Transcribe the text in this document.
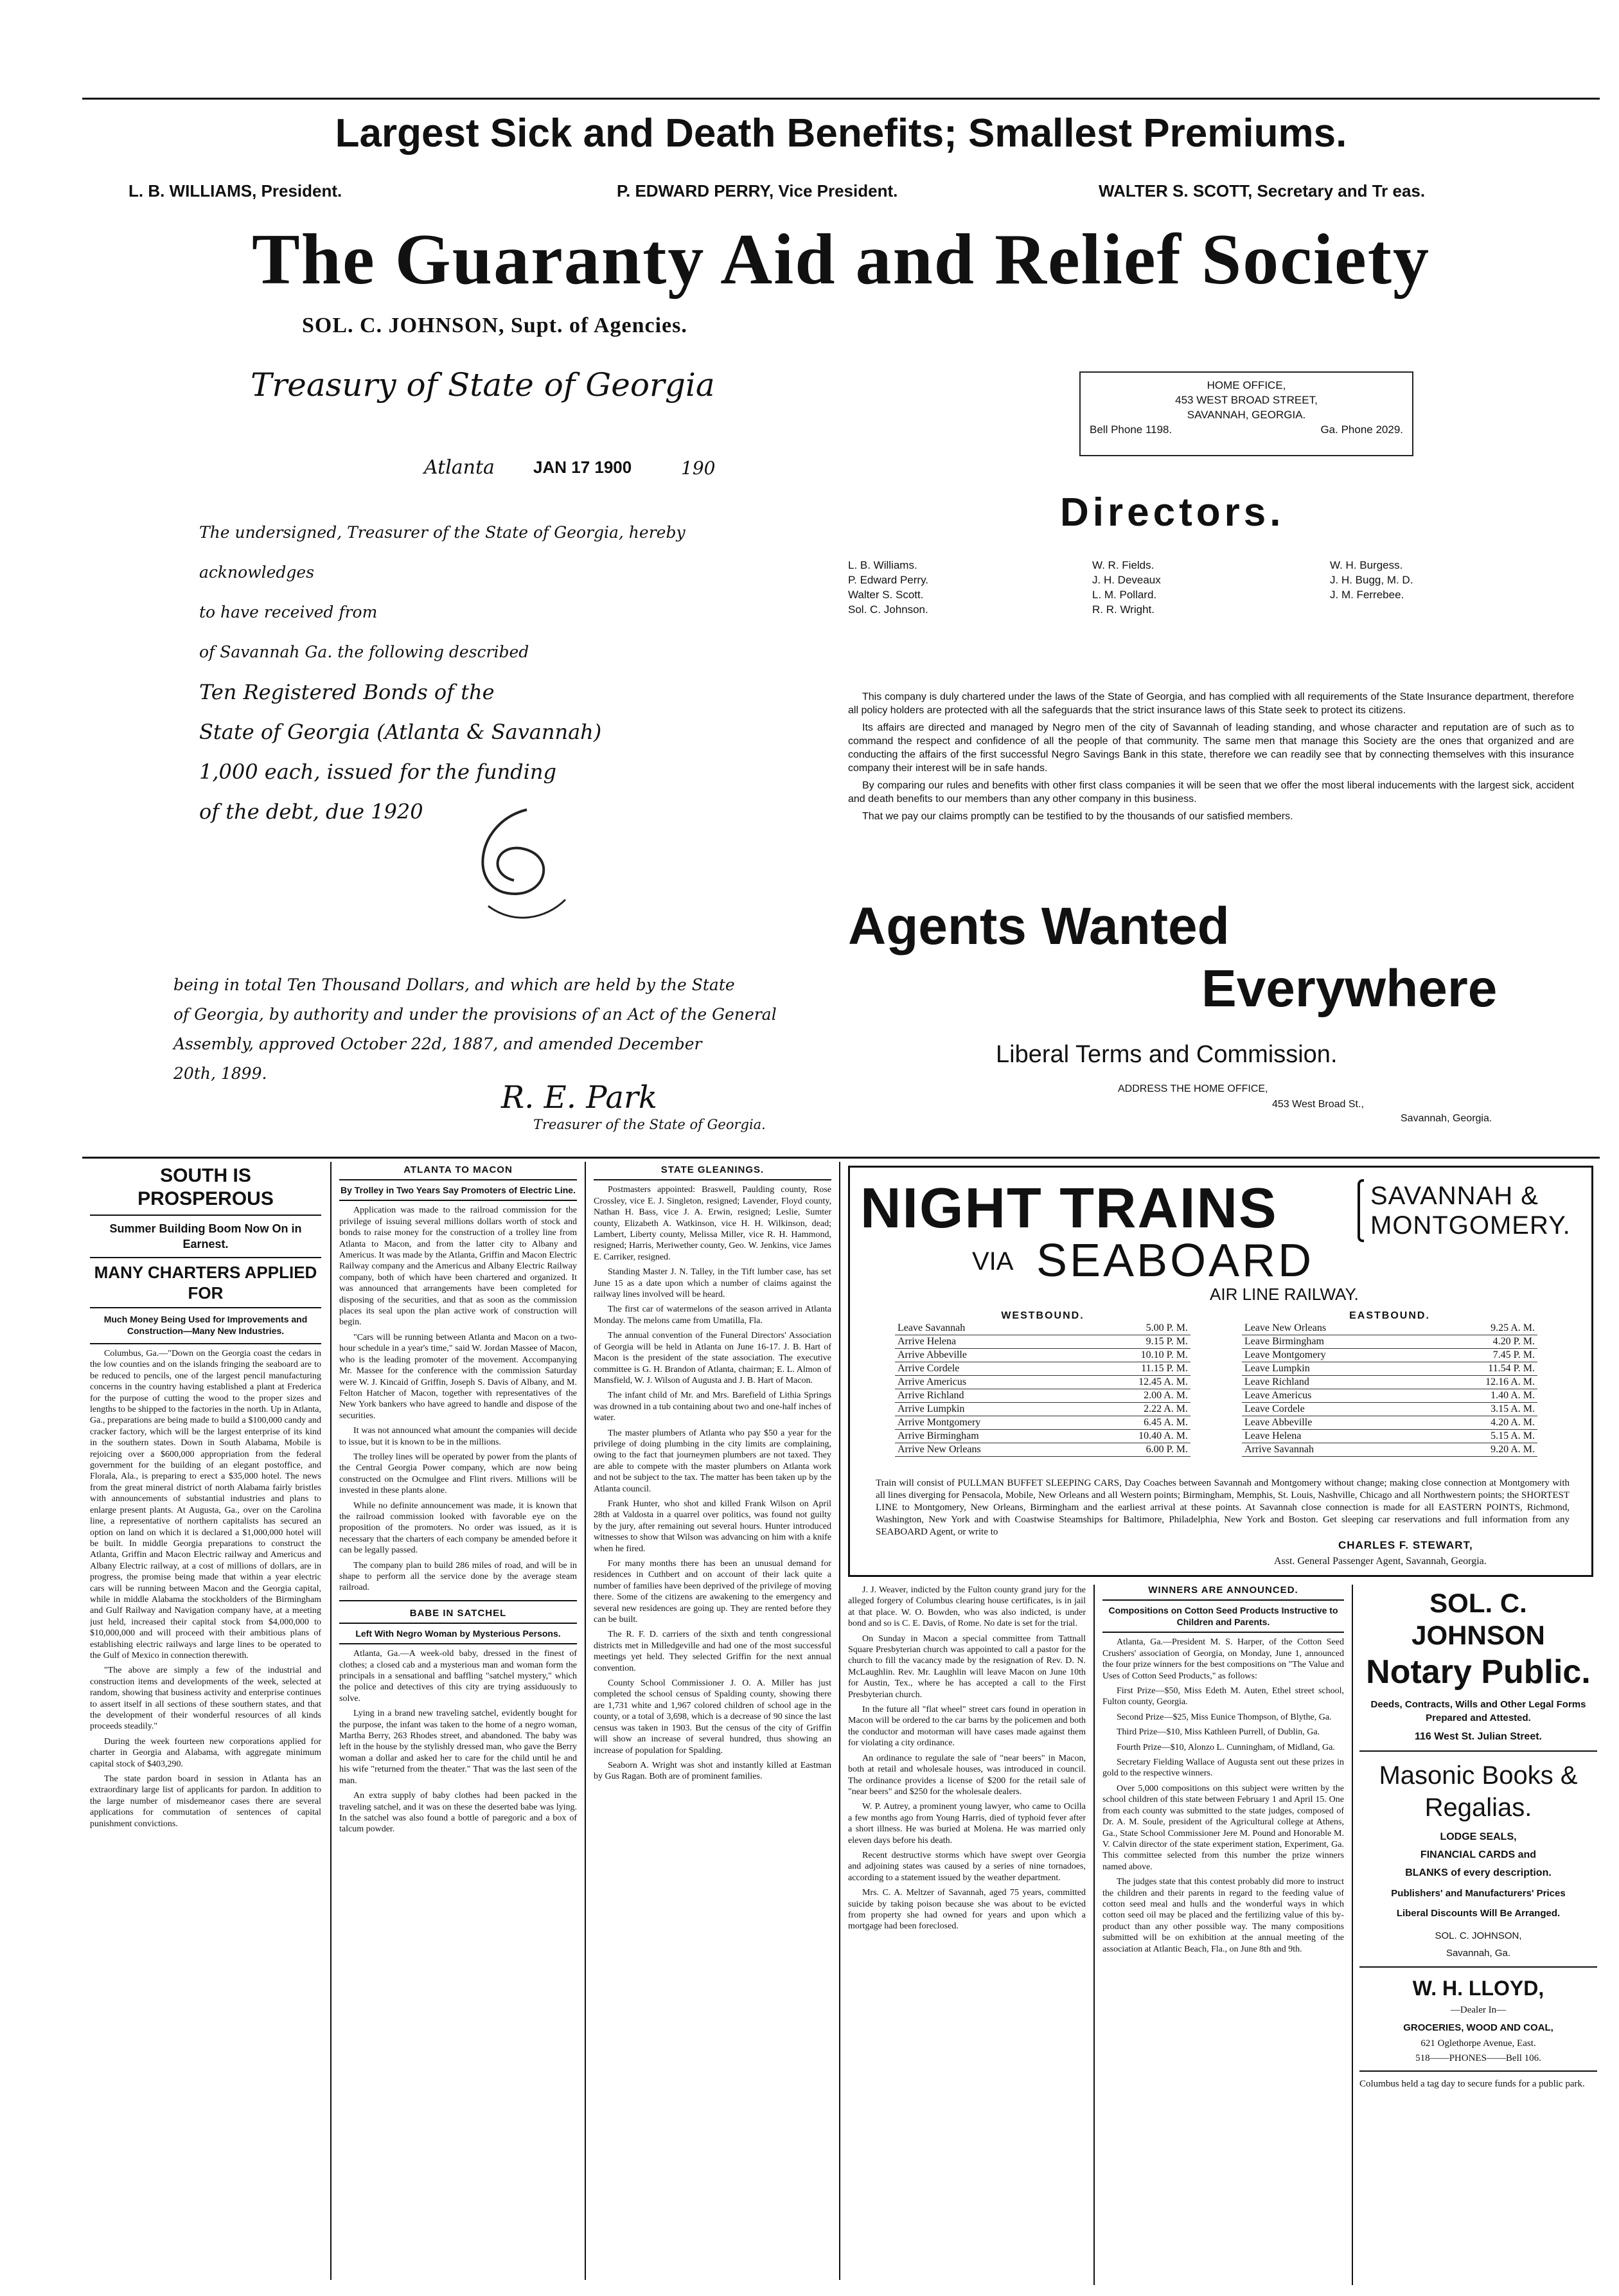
Largest Sick and Death Benefits; Smallest Premiums.
L. B. WILLIAMS, President.	P. EDWARD PERRY, Vice President.	WALTER S. SCOTT, Secretary and Tr eas.
The Guaranty Aid and Relief Society
SOL. C. JOHNSON, Supt. of Agencies.
Treasury of State of Georgia
Atlanta JAN 17 1900	190
The undersigned, Treasurer of the State of Georgia, hereby acknowledges
to have received from
of Savannah Ga. the following described
Ten Registered Bonds of the
State of Georgia (Atlanta & Savannah)
1,000 each, issued for the funding
of the debt, due 1920
being in total Ten Thousand Dollars, and which are held by the State
of Georgia, by authority and under the provisions of an Act of the General
Assembly, approved October 22d, 1887, and amended December
20th, 1899.
R. E. Park
Treasurer of the State of Georgia.
HOME OFFICE,
453 WEST BROAD STREET,
SAVANNAH, GEORGIA.
Bell Phone 1198.	Ga. Phone 2029.
Directors.
L. B. Williams.
P. Edward Perry.
Walter S. Scott.
Sol. C. Johnson.
W. R. Fields.
J. H. Deveaux
L. M. Pollard.
R. R. Wright.
W. H. Burgess.
J. H. Bugg, M. D.
J. M. Ferrebee.

This company is duly chartered under the laws of the State of Georgia, and has complied with all requirements of the State Insurance department, therefore all policy holders are protected with all the safeguards that the strict insurance laws of this State seek to protect its citizens.

Its affairs are directed and managed by Negro men of the city of Savannah of leading standing, and whose character and reputation are of such as to command the respect and confidence of all the people of that community. The same men that manage this Society are the ones that organized and are conducting the affairs of the first successful Negro Savings Bank in this state, therefore we can readily see that by connecting themselves with this insurance company their interest will be in safe hands.

By comparing our rules and benefits with other first class companies it will be seen that we offer the most liberal inducements with the largest sick, accident and death benefits to our members than any other company in this business.

That we pay our claims promptly can be testified to by the thousands of our satisfied members.

Agents Wanted
Everywhere
Liberal Terms and Commission.
ADDRESS THE HOME OFFICE,
453 West Broad St.,
Savannah, Georgia.
SOUTH IS PROSPEROUS
Summer Building Boom Now On in Earnest.
MANY CHARTERS APPLIED FOR
Much Money Being Used for Improvements and Construction—Many New Industries.

Columbus, Ga.—"Down on the Georgia coast the cedars in the low counties and on the islands fringing the seaboard are to be reduced to pencils, one of the largest pencil manufacturing concerns in the country having established a plant at Frederica for the purpose of cutting the wood to the proper sizes and lengths to be shipped to the factories in the north. Up in Atlanta, Ga., preparations are being made to build a $100,000 candy and cracker factory, which will be the largest enterprise of its kind in the southern states. Down in South Alabama, Mobile is rejoicing over a $600,000 appropriation from the federal government for the building of an elegant postoffice, and Florala, Ala., is preparing to erect a $35,000 hotel. The news from the great mineral district of north Alabama fairly bristles with announcements of substantial industries and plans to enlarge present plants. At Augusta, Ga., over on the Carolina line, a representative of northern capitalists has secured an option on land on which it is declared a $1,000,000 hotel will be built. In middle Georgia preparations to construct the Atlanta, Griffin and Macon Electric railway and Americus and Albany Electric railway, at a cost of millions of dollars, are in progress, the promise being made that within a year electric cars will be running between Macon and the Georgia capital, while in middle Alabama the stockholders of the Birmingham and Gulf Railway and Navigation company have, at a meeting just held, increased their capital stock from $4,000,000 to $10,000,000 and will proceed with their ambitious plans of establishing electric railways and large lines to be operated to the Gulf of Mexico in connection therewith.

"The above are simply a few of the industrial and construction items and developments of the week, selected at random, showing that business activity and enterprise continues to assert itself in all sections of these southern states, and that the development of their wonderful resources of all kinds proceeds steadily."

During the week fourteen new corporations applied for charter in Georgia and Alabama, with aggregate minimum capital stock of $403,290.

The state pardon board in session in Atlanta has an extraordinary large list of applicants for pardon. In addition to the large number of misdemeanor cases there are several applications for commutation of sentences of capital punishment convictions.

ATLANTA TO MACON
By Trolley in Two Years Say Promoters of Electric Line.

Application was made to the railroad commission for the privilege of issuing several millions dollars worth of stock and bonds to raise money for the construction of a trolley line from Atlanta to Macon, and from the latter city to Albany and Americus. It was made by the Atlanta, Griffin and Macon Electric Railway company and the Americus and Albany Electric Railway company, both of which have been chartered and organized. It was announced that arrangements have been completed for disposing of the securities, and that as soon as the commission places its seal upon the plan active work of construction will begin.

"Cars will be running between Atlanta and Macon on a two-hour schedule in a year's time," said W. Jordan Massee of Macon, who is the leading promoter of the movement. Accompanying Mr. Massee for the conference with the commission Saturday were W. J. Kincaid of Griffin, Joseph S. Davis of Albany, and M. Felton Hatcher of Macon, together with representatives of the New York bankers who have agreed to handle and dispose of the securities.

It was not announced what amount the companies will decide to issue, but it is known to be in the millions.

The trolley lines will be operated by power from the plants of the Central Georgia Power company, which are now being constructed on the Ocmulgee and Flint rivers. Millions will be invested in these plants alone.

While no definite announcement was made, it is known that the railroad commission looked with favorable eye on the proposition of the promoters. No order was issued, as it is necessary that the charters of each company be amended before it can be legally passed.

The company plan to build 286 miles of road, and will be in shape to perform all the service done by the average steam railroad.

BABE IN SATCHEL
Left With Negro Woman by Mysterious Persons.

Atlanta, Ga.—A week-old baby, dressed in the finest of clothes; a closed cab and a mysterious man and woman form the principals in a sensational and baffling "satchel mystery," which the police and detectives of this city are trying assiduously to solve.

Lying in a brand new traveling satchel, evidently bought for the purpose, the infant was taken to the home of a negro woman, Martha Berry, 263 Rhodes street, and abandoned. The baby was left in the house by the stylishly dressed man, who gave the Berry woman a dollar and asked her to care for the child until he and his wife "returned from the theater." That was the last seen of the man.

An extra supply of baby clothes had been packed in the traveling satchel, and it was on these the deserted babe was lying. In the satchel was also found a bottle of paregoric and a box of talcum powder.

STATE GLEANINGS.

Postmasters appointed: Braswell, Paulding county, Rose Crossley, vice E. J. Singleton, resigned; Lavender, Floyd county, Nathan H. Bass, vice J. A. Erwin, resigned; Leslie, Sumter county, Elizabeth A. Watkinson, vice H. H. Wilkinson, dead; Lambert, Liberty county, Melissa Miller, vice R. H. Hammond, resigned; Harris, Meriwether county, Geo. W. Jenkins, vice James E. Carriker, resigned.

Standing Master J. N. Talley, in the Tift lumber case, has set June 15 as a date upon which a number of claims against the railway lines involved will be heard.

The first car of watermelons of the season arrived in Atlanta Monday. The melons came from Umatilla, Fla.

The annual convention of the Funeral Directors' Association of Georgia will be held in Atlanta on June 16-17. J. B. Hart of Macon is the president of the state association. The executive committee is G. H. Brandon of Atlanta, chairman; E. L. Almon of Mansfield, W. J. Wilson of Augusta and J. B. Hart of Macon.

The infant child of Mr. and Mrs. Barefield of Lithia Springs was drowned in a tub containing about two and one-half inches of water.

The master plumbers of Atlanta who pay $50 a year for the privilege of doing plumbing in the city limits are complaining, owing to the fact that journeymen plumbers are not taxed. They are able to compete with the master plumbers on Atlanta work and not be subject to the tax. The matter has been taken up by the Atlanta council.

Frank Hunter, who shot and killed Frank Wilson on April 28th at Valdosta in a quarrel over politics, was found not guilty by the jury, after remaining out several hours. Hunter introduced witnesses to show that Wilson was advancing on him with a knife when he fired.

For many months there has been an unusual demand for residences in Cuthbert and on account of their lack quite a number of families have been deprived of the privilege of moving there. Some of the citizens are awakening to the emergency and several new residences are going up. They are rented before they can be built.

The R. F. D. carriers of the sixth and tenth congressional districts met in Milledgeville and had one of the most successful meetings yet held. They selected Griffin for the next annual convention.

County School Commissioner J. O. A. Miller has just completed the school census of Spalding county, showing there are 1,731 white and 1,967 colored children of school age in the county, or a total of 3,698, which is a decrease of 90 since the last census was taken in 1903. But the census of the city of Griffin will show an increase of several hundred, thus showing an increase of population for Spalding.

Seaborn A. Wright was shot and instantly killed at Eastman by Gus Ragan. Both are of prominent families.

NIGHT TRAINS	SAVANNAH &
MONTGOMERY.
VIA SEABOARD
AIR LINE RAILWAY.
WESTBOUND.
Leave Savannah	5.00 P. M.
Arrive Helena	9.15 P. M.
Arrive Abbeville	10.10 P. M.
Arrive Cordele	11.15 P. M.
Arrive Americus	12.45 A. M.
Arrive Richland	2.00 A. M.
Arrive Lumpkin	2.22 A. M.
Arrive Montgomery	6.45 A. M.
Arrive Birmingham	10.40 A. M.
Arrive New Orleans	6.00 P. M.
EASTBOUND.
Leave New Orleans	9.25 A. M.
Leave Birmingham	4.20 P. M.
Leave Montgomery	7.45 P. M.
Leave Lumpkin	11.54 P. M.
Leave Richland	12.16 A. M.
Leave Americus	1.40 A. M.
Leave Cordele	3.15 A. M.
Leave Abbeville	4.20 A. M.
Leave Helena	5.15 A. M.
Arrive Savannah	9.20 A. M.
Train will consist of PULLMAN BUFFET SLEEPING CARS, Day Coaches between Savannah and Montgomery without change; making close connection at Montgomery with all lines diverging for Pensacola, Mobile, New Orleans and all Western points; Birmingham, Memphis, St. Louis, Nashville, Chicago and all Northwestern points; the SHORTEST LINE to Montgomery, New Orleans, Birmingham and the earliest arrival at these points. At Savannah close connection is made for all EASTERN POINTS, Richmond, Washington, New York and with Coastwise Steamships for Baltimore, Philadelphia, New York and Boston. Get sleeping car reservations and full information from any SEABOARD Agent, or write to
CHARLES F. STEWART,
Asst. General Passenger Agent, Savannah, Georgia.

J. J. Weaver, indicted by the Fulton county grand jury for the alleged forgery of Columbus clearing house certificates, is in jail at that place. W. O. Bowden, who was also indicted, is under bond and so is C. E. Davis, of Rome. No date is set for the trial.

On Sunday in Macon a special committee from Tattnall Square Presbyterian church was appointed to call a pastor for the church to fill the vacancy made by the resignation of Rev. D. N. McLaughlin. Rev. Mr. Laughlin will leave Macon on June 10th for Austin, Tex., where he has accepted a call to the First Presbyterian church.

In the future all "flat wheel" street cars found in operation in Macon will be ordered to the car barns by the policemen and both the conductor and motorman will have cases made against them for violating a city ordinance.

An ordinance to regulate the sale of "near beers" in Macon, both at retail and wholesale houses, was introduced in council. The ordinance provides a license of $200 for the retail sale of "near beers" and $250 for the wholesale dealers.

W. P. Autrey, a prominent young lawyer, who came to Ocilla a few months ago from Young Harris, died of typhoid fever after a short illness. He was buried at Molena. He was married only eleven days before his death.

Recent destructive storms which have swept over Georgia and adjoining states was caused by a series of nine tornadoes, according to a statement issued by the weather department.

Mrs. C. A. Meltzer of Savannah, aged 75 years, committed suicide by taking poison because she was about to be evicted from property she had owned for years and upon which a mortgage had been foreclosed.

WINNERS ARE ANNOUNCED.
Compositions on Cotton Seed Products Instructive to Children and Parents.

Atlanta, Ga.—President M. S. Harper, of the Cotton Seed Crushers' association of Georgia, on Monday, June 1, announced the four prize winners for the best compositions on "The Value and Uses of Cotton Seed Products," as follows:

First Prize—$50, Miss Edeth M. Auten, Ethel street school, Fulton county, Georgia.

Second Prize—$25, Miss Eunice Thompson, of Blythe, Ga.

Third Prize—$10, Miss Kathleen Purrell, of Dublin, Ga.

Fourth Prize—$10, Alonzo L. Cunningham, of Midland, Ga.

Secretary Fielding Wallace of Augusta sent out these prizes in gold to the respective winners.

Over 5,000 compositions on this subject were written by the school children of this state between February 1 and April 15. One from each county was submitted to the state judges, composed of Dr. A. M. Soule, president of the Agricultural college at Athens, Ga., State School Commissioner Jere M. Pound and Honorable M. V. Calvin director of the state experiment station, Experiment, Ga. This committee selected from this number the prize winners named above.

The judges state that this contest probably did more to instruct the children and their parents in regard to the feeding value of cotton seed meal and hulls and the wonderful ways in which cotton seed oil may be placed and the fertilizing value of this by-product than any other possible way. The many compositions submitted will be on exhibition at the annual meeting of the association at Atlantic Beach, Fla., on June 8th and 9th.

SOL. C. JOHNSON
Notary Public.
Deeds, Contracts, Wills and Other Legal Forms Prepared and Attested.
116 West St. Julian Street.
Masonic Books &
Regalias.
LODGE SEALS,
FINANCIAL CARDS and
BLANKS of every description.
Publishers' and Manufacturers' Prices
Liberal Discounts Will Be Arranged.
SOL. C. JOHNSON,
Savannah, Ga.
W. H. LLOYD,
—Dealer In—
GROCERIES, WOOD AND COAL,
621 Oglethorpe Avenue, East.
518——PHONES——Bell 106.
Columbus held a tag day to secure funds for a public park.
